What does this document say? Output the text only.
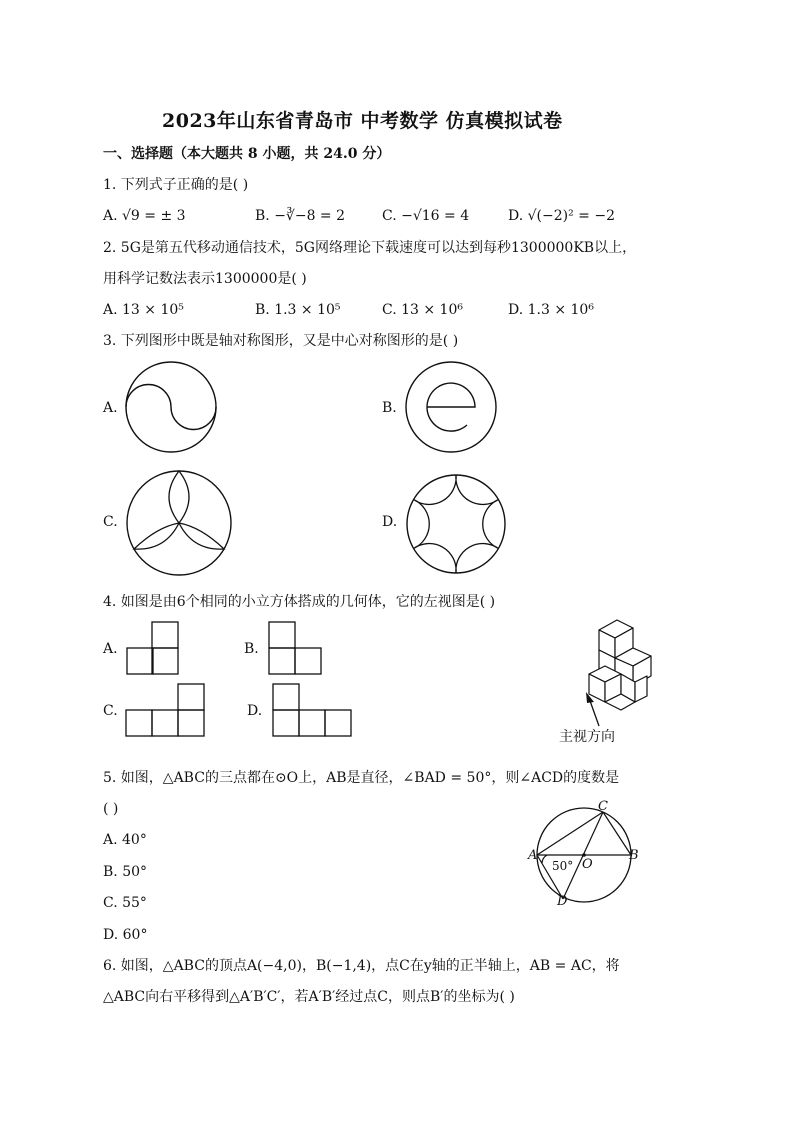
2023年山东省青岛市 中考数学 仿真模拟试卷
一、选择题（本大题共 8 小题，共 24.0 分）
1. 下列式子正确的是( )
A. √9 = ± 3	B. −∛−8 = 2	C. −√16 = 4	D. √(−2)² = −2
2. 5G是第五代移动通信技术，5G网络理论下载速度可以达到每秒1300000KB以上，
用科学记数法表示1300000是( )
A. 13 × 10⁵	B. 1.3 × 10⁵	C. 13 × 10⁶	D. 1.3 × 10⁶
3. 下列图形中既是轴对称图形，又是中心对称图形的是( )
A.	B.
C.	D.
4. 如图是由6个相同的小立方体搭成的几何体，它的左视图是( )
A.	B.
C.	D.
主视方向
5. 如图，△ABC的三点都在⊙O上，AB是直径，∠BAD = 50°，则∠ACD的度数是
( )
A. 40°
B. 50°
C. 55°
D. 60°
A	B
C
D
O
50°
6. 如图，△ABC的顶点A(−4,0)，B(−1,4)，点C在y轴的正半轴上，AB = AC，将
△ABC向右平移得到△A′B′C′，若A′B′经过点C，则点B′的坐标为( )
